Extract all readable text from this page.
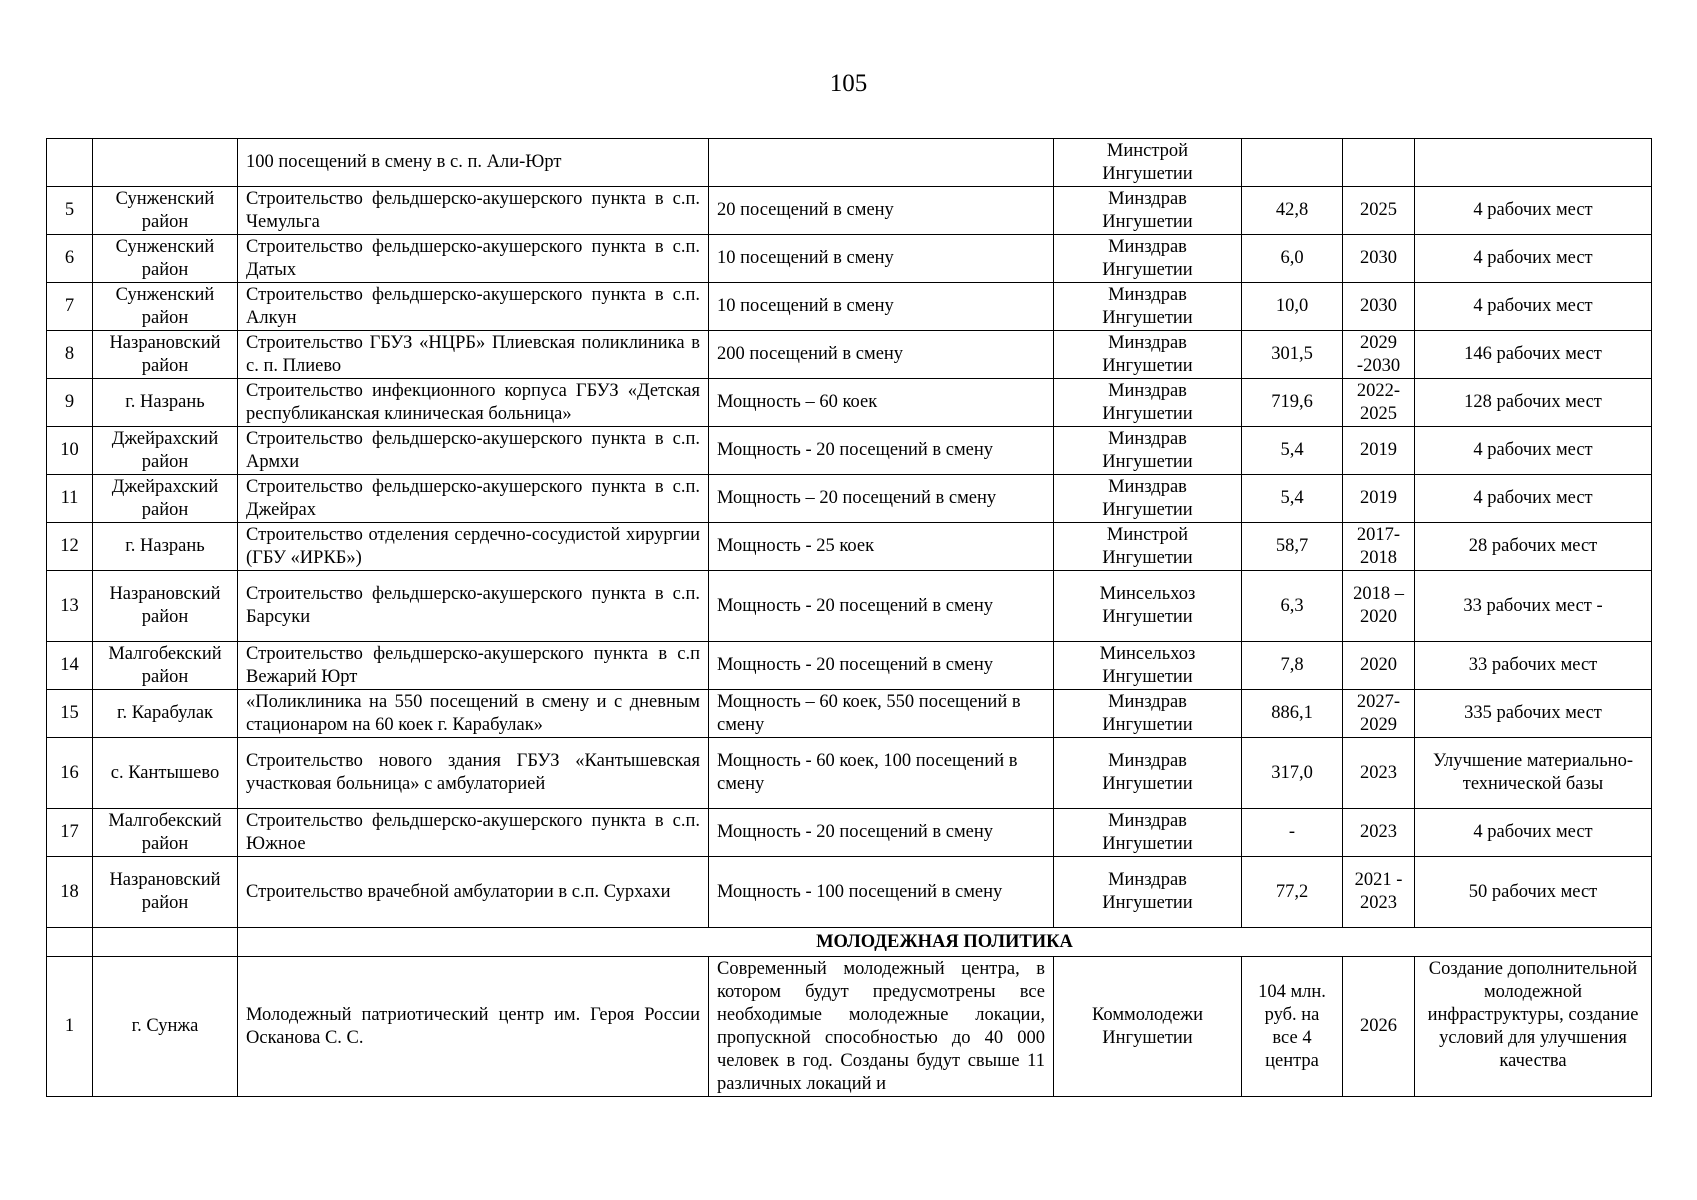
105
		100 посещений в смену в с. п. Али-Юрт		Минстрой Ингушетии			
5	Сунженский район	Строительство фельдшерско-акушерского пункта в с.п. Чемульга	20 посещений в смену	Минздрав Ингушетии	42,8	2025	4 рабочих мест
6	Сунженский район	Строительство фельдшерско-акушерского пункта в с.п. Датых	10 посещений в смену	Минздрав Ингушетии	6,0	2030	4 рабочих мест
7	Сунженский район	Строительство фельдшерско-акушерского пункта в с.п. Алкун	10 посещений в смену	Минздрав Ингушетии	10,0	2030	4 рабочих мест
8	Назрановский район	Строительство ГБУЗ «НЦРБ» Плиевская поликлиника в с. п. Плиево	200 посещений в смену	Минздрав Ингушетии	301,5	2029 -2030	146 рабочих мест
9	г. Назрань	Строительство инфекционного корпуса ГБУЗ «Детская республиканская клиническая больница»	Мощность – 60 коек	Минздрав Ингушетии	719,6	2022-2025	128 рабочих мест
10	Джейрахский район	Строительство фельдшерско-акушерского пункта в с.п. Армхи	Мощность - 20 посещений в смену	Минздрав Ингушетии	5,4	2019	4 рабочих мест
11	Джейрахский район	Строительство фельдшерско-акушерского пункта в с.п. Джейрах	Мощность – 20 посещений в смену	Минздрав Ингушетии	5,4	2019	4 рабочих мест
12	г. Назрань	Строительство отделения сердечно-сосудистой хирургии (ГБУ «ИРКБ»)	Мощность - 25 коек	Минстрой Ингушетии	58,7	2017-2018	28 рабочих мест
13	Назрановский район	Строительство фельдшерско-акушерского пункта в с.п. Барсуки	Мощность - 20 посещений в смену	Минсельхоз Ингушетии	6,3	2018 – 2020	33 рабочих мест -
14	Малгобекский район	Строительство фельдшерско-акушерского пункта в с.п Вежарий Юрт	Мощность - 20 посещений в смену	Минсельхоз Ингушетии	7,8	2020	33 рабочих мест
15	г. Карабулак	«Поликлиника на 550 посещений в смену и с дневным стационаром на 60 коек г. Карабулак»	Мощность – 60 коек, 550 посещений в смену	Минздрав Ингушетии	886,1	2027-2029	335 рабочих мест
16	с. Кантышево	Строительство нового здания ГБУЗ «Кантышевская участковая больница» с амбулаторией	Мощность - 60 коек, 100 посещений в смену	Минздрав Ингушетии	317,0	2023	Улучшение материально-технической базы
17	Малгобекский район	Строительство фельдшерско-акушерского пункта в с.п. Южное	Мощность - 20 посещений в смену	Минздрав Ингушетии	-	2023	4 рабочих мест
18	Назрановский район	Строительство врачебной амбулатории в с.п. Сурхахи	Мощность - 100 посещений в смену	Минздрав Ингушетии	77,2	2021 - 2023	50 рабочих мест
		МОЛОДЕЖНАЯ ПОЛИТИКА					
1	г. Сунжа	Молодежный патриотический центр им. Героя России Осканова С. С.	Современный молодежный центра, в котором будут предусмотрены все необходимые молодежные локации, пропускной способностью до 40 000 человек в год. Созданы будут свыше 11 различных локаций и	Коммолодежи Ингушетии	104 млн. руб. на все 4 центра	2026	Создание дополнительной молодежной инфраструктуры, создание условий для улучшения качества
